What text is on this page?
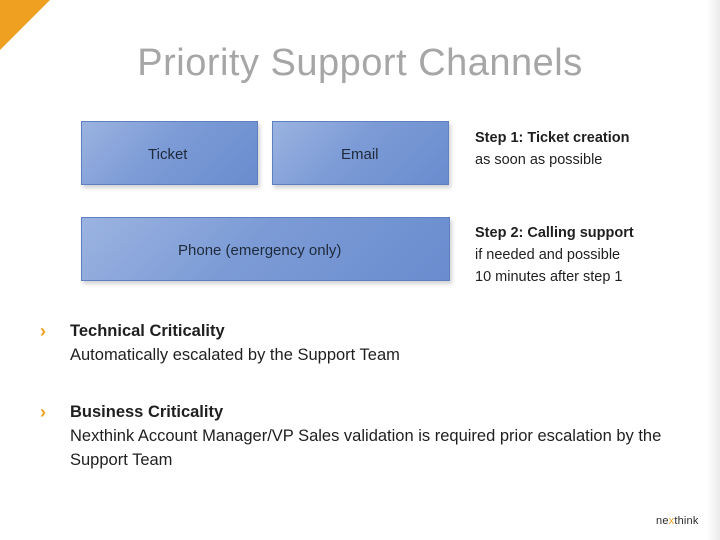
Priority Support Channels
Ticket	Email
Phone (emergency only)
Step 1: Ticket creation
as soon as possible
Step 2: Calling support
if needed and possible
10 minutes after step 1
› Technical Criticality
Automatically escalated by the Support Team
› Business Criticality
Nexthink Account Manager/VP Sales validation is required prior escalation by the Support Team
nexthink
